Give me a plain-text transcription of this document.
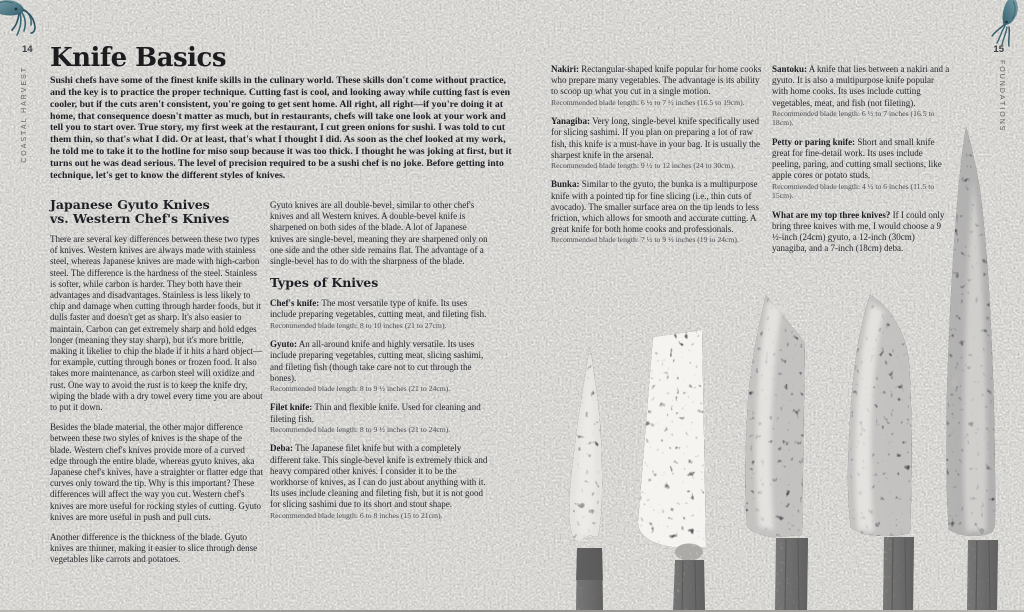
14	15
COASTAL HARVEST	FOUNDATIONS
Knife Basics

Sushi chefs have some of the finest knife skills in the culinary world. These skills don't come without practice, and the key is to practice the proper technique. Cutting fast is cool, and looking away while cutting fast is even cooler, but if the cuts aren't consistent, you're going to get sent home. All right, all right—if you're doing it at home, that consequence doesn't matter as much, but in restaurants, chefs will take one look at your work and tell you to start over. True story, my first week at the restaurant, I cut green onions for sushi. I was told to cut them thin, so that's what I did. Or at least, that's what I thought I did. As soon as the chef looked at my work, he told me to take it to the hotline for miso soup because it was too thick. I thought he was joking at first, but it turns out he was dead serious. The level of precision required to be a sushi chef is no joke. Before getting into technique, let's get to know the different styles of knives.

Japanese Gyuto Knives
vs. Western Chef's Knives

There are several key differences between these two types of knives. Western knives are always made with stainless steel, whereas Japanese knives are made with high-carbon steel. The difference is the hardness of the steel. Stainless is softer, while carbon is harder. They both have their advantages and disadvantages. Stainless is less likely to chip and damage when cutting through harder foods, but it dulls faster and doesn't get as sharp. It's also easier to maintain. Carbon can get extremely sharp and hold edges longer (meaning they stay sharp), but it's more brittle, making it likelier to chip the blade if it hits a hard object—for example, cutting through bones or frozen food. It also takes more maintenance, as carbon steel will oxidize and rust. One way to avoid the rust is to keep the knife dry, wiping the blade with a dry towel every time you are about to put it down.

Besides the blade material, the other major difference between these two styles of knives is the shape of the blade. Western chef's knives provide more of a curved edge through the entire blade, whereas gyuto knives, aka Japanese chef's knives, have a straighter or flatter edge that curves only toward the tip. Why is this important? These differences will affect the way you cut. Western chef's knives are more useful for rocking styles of cutting. Gyuto knives are more useful in push and pull cuts.

Another difference is the thickness of the blade. Gyuto knives are thinner, making it easier to slice through dense vegetables like carrots and potatoes.

Gyuto knives are all double-bevel, similar to other chef's knives and all Western knives. A double-bevel knife is sharpened on both sides of the blade. A lot of Japanese knives are single-bevel, meaning they are sharpened only on one side and the other side remains flat. The advantage of a single-bevel has to do with the sharpness of the blade.

Types of Knives

Chef's knife: The most versatile type of knife. Its uses include preparing vegetables, cutting meat, and fileting fish.

Recommended blade length: 8 to 10 inches (21 to 27cm).

Gyuto: An all-around knife and highly versatile. Its uses include preparing vegetables, cutting meat, slicing sashimi, and fileting fish (though take care not to cut through the bones).

Recommended blade length: 8 to 9 ½ inches (21 to 24cm).

Filet knife: Thin and flexible knife. Used for cleaning and fileting fish.

Recommended blade length: 8 to 9 ½ inches (21 to 24cm).

Deba: The Japanese filet knife but with a completely different take. This single-bevel knife is extremely thick and heavy compared other knives. I consider it to be the workhorse of knives, as I can do just about anything with it. Its uses include cleaning and fileting fish, but it is not good for slicing sashimi due to its short and stout shape.

Recommended blade length: 6 to 8 inches (15 to 21cm).

Nakiri: Rectangular-shaped knife popular for home cooks who prepare many vegetables. The advantage is its ability to scoop up what you cut in a single motion.

Recommended blade length: 6 ½ to 7 ½ inches (16.5 to 19cm).

Yanagiba: Very long, single-bevel knife specifically used for slicing sashimi. If you plan on preparing a lot of raw fish, this knife is a must-have in your bag. It is usually the sharpest knife in the arsenal.

Recommended blade length: 9 ½ to 12 inches (24 to 30cm).

Bunka: Similar to the gyuto, the bunka is a multipurpose knife with a pointed tip for fine slicing (i.e., thin cuts of avocado). The smaller surface area on the tip lends to less friction, which allows for smooth and accurate cutting. A great knife for both home cooks and professionals.

Recommended blade length: 7 ½ to 9 ½ inches (19 to 24cm).

Santoku: A knife that lies between a nakiri and a gyuto. It is also a multipurpose knife popular with home cooks. Its uses include cutting vegetables, meat, and fish (not fileting).

Recommended blade length: 6 ½ to 7 inches (16.5 to 18cm).

Petty or paring knife: Short and small knife great for fine-detail work. Its uses include peeling, paring, and cutting small sections, like apple cores or potato studs.

Recommended blade length: 4 ½ to 6 inches (11.5 to 15cm).

What are my top three knives? If I could only bring three knives with me, I would choose a 9 ½-inch (24cm) gyuto, a 12-inch (30cm) yanagiba, and a 7-inch (18cm) deba.
